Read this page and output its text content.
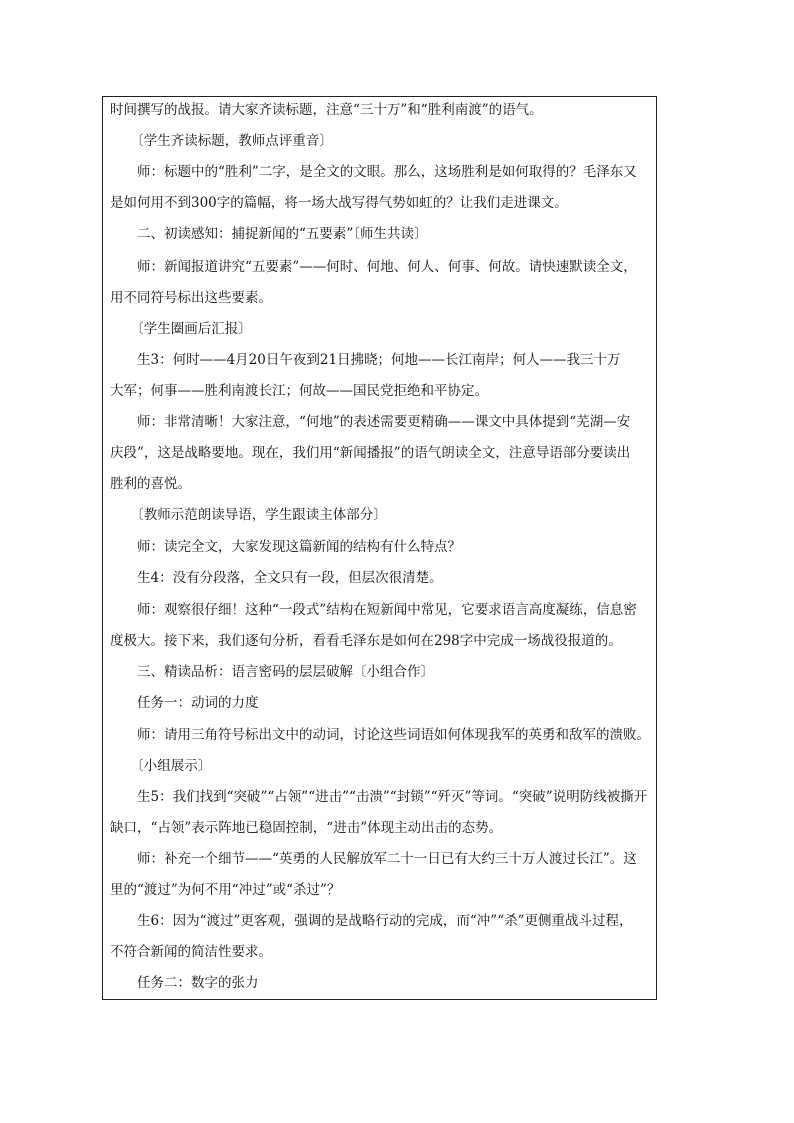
时间撰写的战报。请大家齐读标题，注意“三十万”和“胜利南渡”的语气。
　　〔学生齐读标题，教师点评重音〕
　　师：标题中的“胜利”二字，是全文的文眼。那么，这场胜利是如何取得的？毛泽东又
是如何用不到300字的篇幅，将一场大战写得气势如虹的？让我们走进课文。
　　二、初读感知：捕捉新闻的“五要素”〔师生共读〕
　　师：新闻报道讲究“五要素”——何时、何地、何人、何事、何故。请快速默读全文，
用不同符号标出这些要素。
　　〔学生圈画后汇报〕
　　生3：何时——4月20日午夜到21日拂晓；何地——长江南岸；何人——我三十万
大军；何事——胜利南渡长江；何故——国民党拒绝和平协定。
　　师：非常清晰！大家注意，“何地”的表述需要更精确——课文中具体提到“芜湖—安
庆段”，这是战略要地。现在，我们用“新闻播报”的语气朗读全文，注意导语部分要读出
胜利的喜悦。
　　〔教师示范朗读导语，学生跟读主体部分〕
　　师：读完全文，大家发现这篇新闻的结构有什么特点？
　　生4：没有分段落，全文只有一段，但层次很清楚。
　　师：观察很仔细！这种“一段式”结构在短新闻中常见，它要求语言高度凝练，信息密
度极大。接下来，我们逐句分析，看看毛泽东是如何在298字中完成一场战役报道的。
　　三、精读品析：语言密码的层层破解〔小组合作〕
　　任务一：动词的力度
　　师：请用三角符号标出文中的动词，讨论这些词语如何体现我军的英勇和敌军的溃败。
　　〔小组展示〕
　　生5：我们找到“突破”“占领”“进击”“击溃”“封锁”“歼灭”等词。“突破”说明防线被撕开
缺口，“占领”表示阵地已稳固控制，“进击”体现主动出击的态势。
　　师：补充一个细节——“英勇的人民解放军二十一日已有大约三十万人渡过长江”。这
里的“渡过”为何不用“冲过”或“杀过”？
　　生6：因为“渡过”更客观，强调的是战略行动的完成，而“冲”“杀”更侧重战斗过程，
不符合新闻的简洁性要求。
　　任务二：数字的张力
